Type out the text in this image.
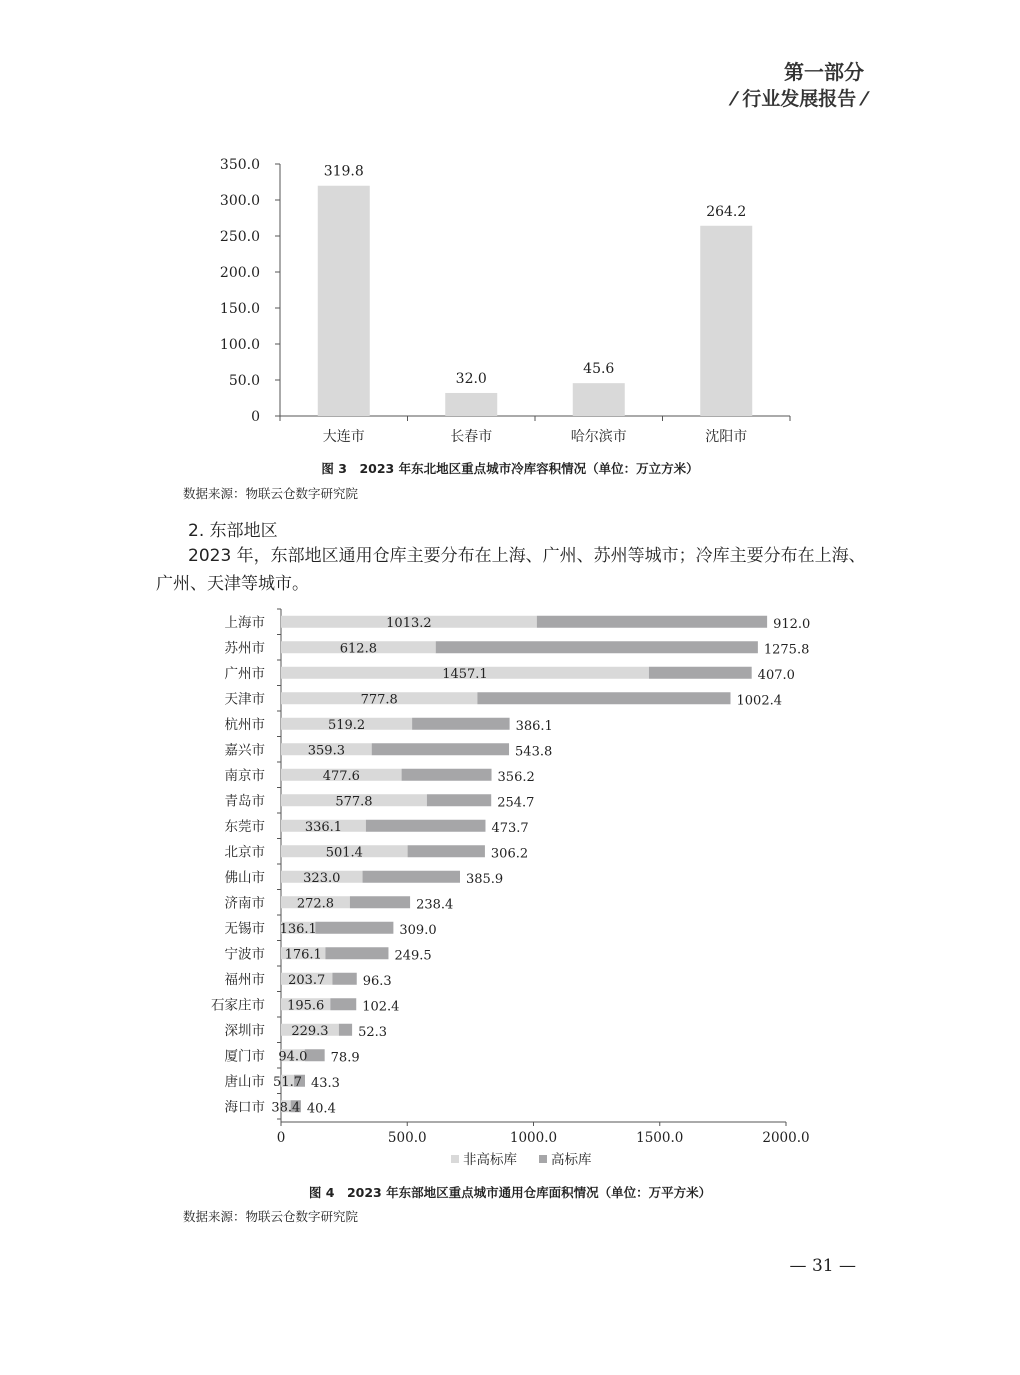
第一部分
⁄ 行业发展报告 ⁄
0
50.0
100.0
150.0
200.0
250.0
300.0
350.0	319.8
大连市
32.0
长春市
45.6
哈尔滨市
264.2
沈阳市
图 3　2023 年东北地区重点城市冷库容积情况（单位：万立方米）
数据来源：物联云仓数字研究院
2. 东部地区

2023 年，东部地区通用仓库主要分布在上海、广州、苏州等城市；冷库主要分布在上海、广州、天津等城市。

上海市	1013.2	912.0
苏州市	612.8	1275.8
广州市	1457.1	407.0
天津市	777.8	1002.4
杭州市	519.2	386.1
嘉兴市	359.3	543.8
南京市	477.6	356.2
青岛市	577.8	254.7
东莞市	336.1	473.7
北京市	501.4	306.2
佛山市	323.0	385.9
济南市 272.8	238.4
无锡市 136.1	309.0
宁波市 176.1	249.5
福州市 203.7	96.3
石家庄市 195.6	102.4
深圳市 229.3 52.3
厦门市 94.0 78.9
唐山市 51.7 43.3
海口市 38.4 40.4
0	500.0	1000.0	1500.0	2000.0
非高标库	高标库
图 4　2023 年东部地区重点城市通用仓库面积情况（单位：万平方米）
数据来源：物联云仓数字研究院
— 31 —
